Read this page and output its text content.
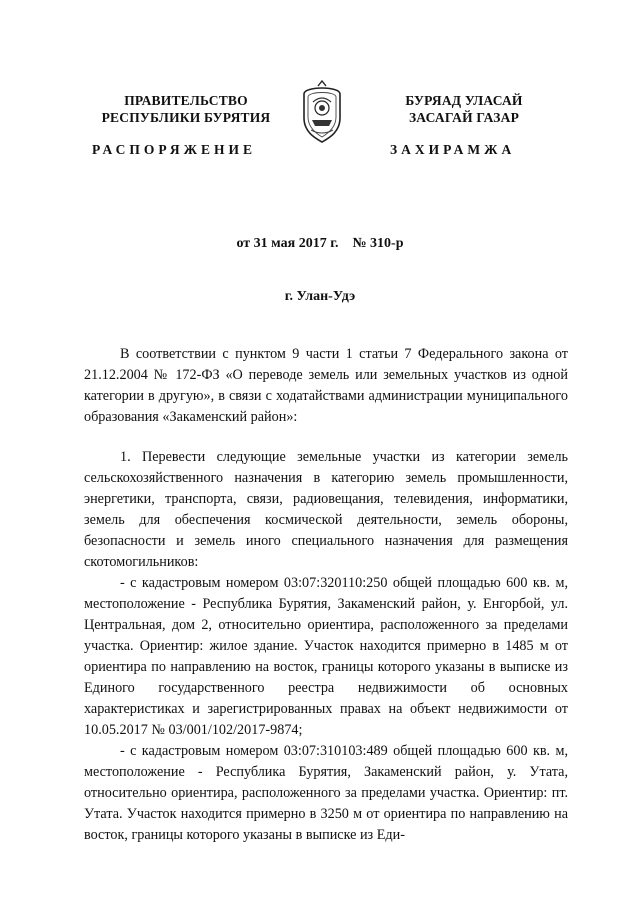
ПРАВИТЕЛЬСТВО
РЕСПУБЛИКИ БУРЯТИЯ
БУРЯАД УЛАСАЙ
ЗАСАГАЙ ГАЗАР
РАСПОРЯЖЕНИЕ	ЗАХИРАМЖА
от 31 мая 2017 г. № 310-р
г. Улан-Удэ

В соответствии с пунктом 9 части 1 статьи 7 Федерального закона от 21.12.2004 № 172-ФЗ «О переводе земель или земельных участков из одной категории в другую», в связи с ходатайствами администрации муниципального образования «Закаменский район»:

1. Перевести следующие земельные участки из категории земель сельскохозяйственного назначения в категорию земель промышленности, энергетики, транспорта, связи, радиовещания, телевидения, информатики, земель для обеспечения космической деятельности, земель обороны, безопасности и земель иного специального назначения для размещения скотомогильников:

- с кадастровым номером 03:07:320110:250 общей площадью 600 кв. м, местоположение - Республика Бурятия, Закаменский район, у. Енгорбой, ул. Центральная, дом 2, относительно ориентира, расположенного за пределами участка. Ориентир: жилое здание. Участок находится примерно в 1485 м от ориентира по направлению на восток, границы которого указаны в выписке из Единого государственного реестра недвижимости об основных характеристиках и зарегистрированных правах на объект недвижимости от 10.05.2017 № 03/001/102/2017-9874;

- с кадастровым номером 03:07:310103:489 общей площадью 600 кв. м, местоположение - Республика Бурятия, Закаменский район, у. Утата, относительно ориентира, расположенного за пределами участка. Ориентир: пт. Утата. Участок находится примерно в 3250 м от ориентира по направлению на восток, границы которого указаны в выписке из Еди-
